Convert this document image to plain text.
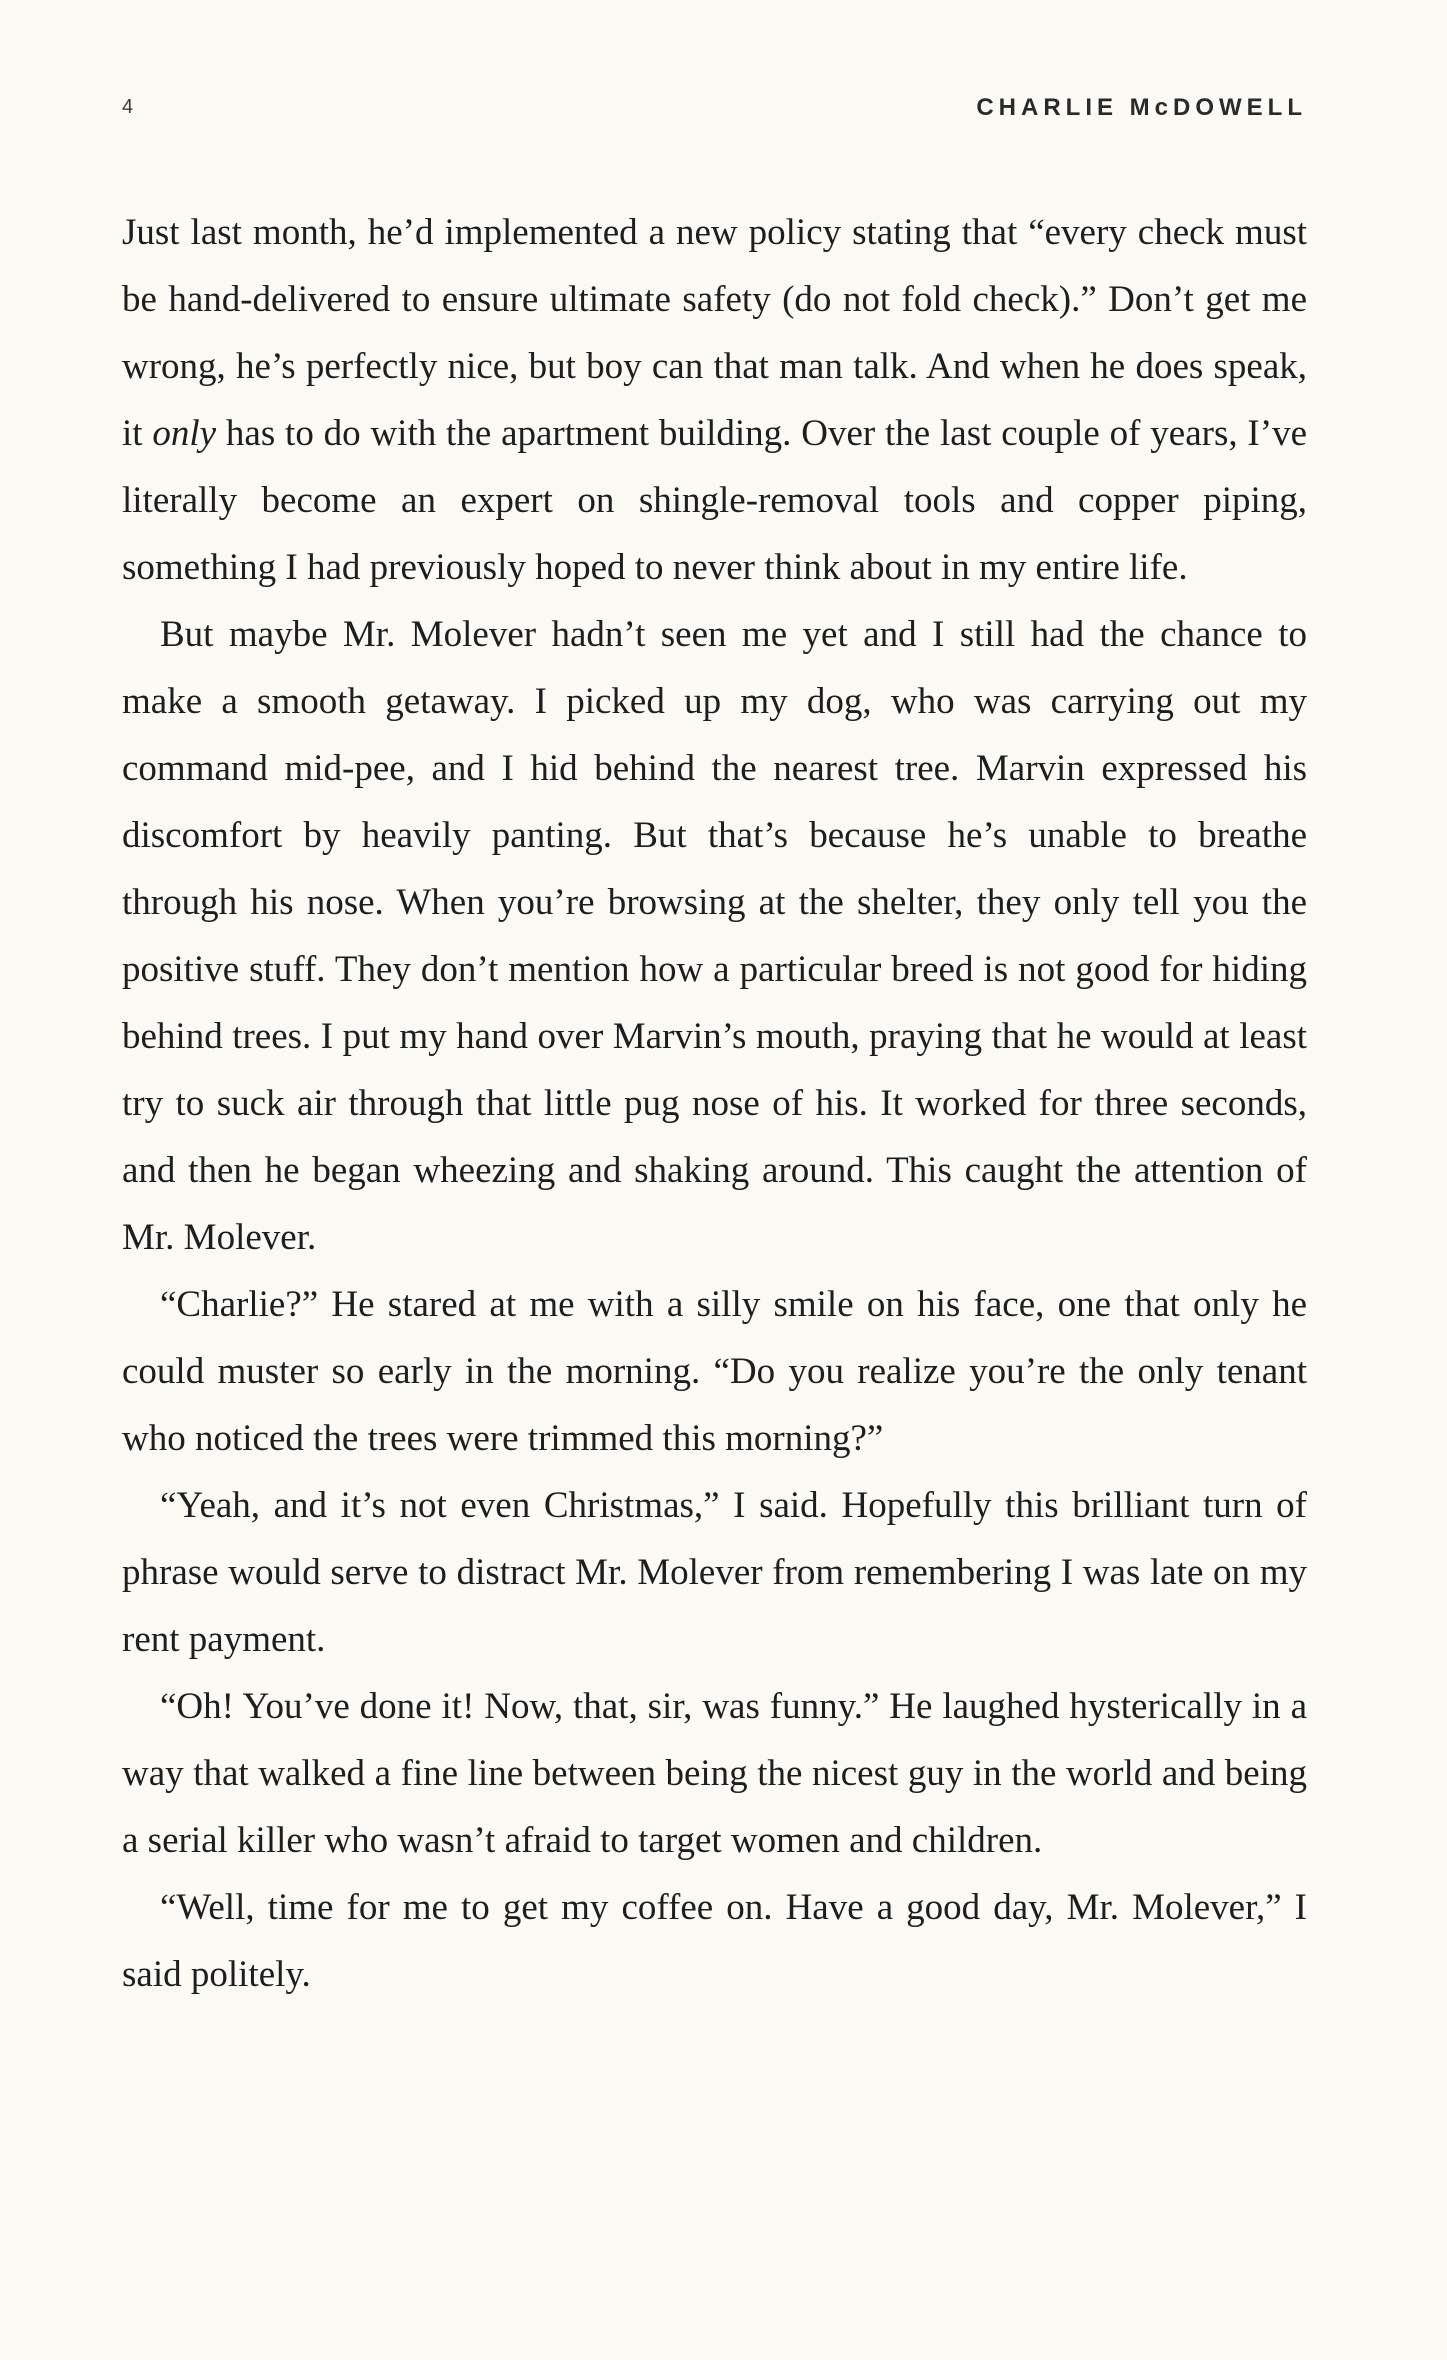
4	CHARLIE McDOWELL

Just last month, he’d implemented a new policy stating that “every check must be hand-delivered to ensure ultimate safety (do not fold check).” Don’t get me wrong, he’s perfectly nice, but boy can that man talk. And when he does speak, it only has to do with the apartment building. Over the last couple of years, I’ve literally become an expert on shingle-removal tools and copper piping, something I had previously hoped to never think about in my entire life.

But maybe Mr. Molever hadn’t seen me yet and I still had the chance to make a smooth getaway. I picked up my dog, who was carrying out my command mid-pee, and I hid behind the nearest tree. Marvin expressed his discomfort by heavily panting. But that’s because he’s unable to breathe through his nose. When you’re browsing at the shelter, they only tell you the positive stuff. They don’t mention how a particular breed is not good for hiding behind trees. I put my hand over Marvin’s mouth, praying that he would at least try to suck air through that little pug nose of his. It worked for three seconds, and then he began wheezing and shaking around. This caught the attention of Mr. Molever.

“Charlie?” He stared at me with a silly smile on his face, one that only he could muster so early in the morning. “Do you realize you’re the only tenant who noticed the trees were trimmed this morning?”

“Yeah, and it’s not even Christmas,” I said. Hopefully this brilliant turn of phrase would serve to distract Mr. Molever from remembering I was late on my rent payment.

“Oh! You’ve done it! Now, that, sir, was funny.” He laughed hysterically in a way that walked a fine line between being the nicest guy in the world and being a serial killer who wasn’t afraid to target women and children.

“Well, time for me to get my coffee on. Have a good day, Mr. Molever,” I said politely.
